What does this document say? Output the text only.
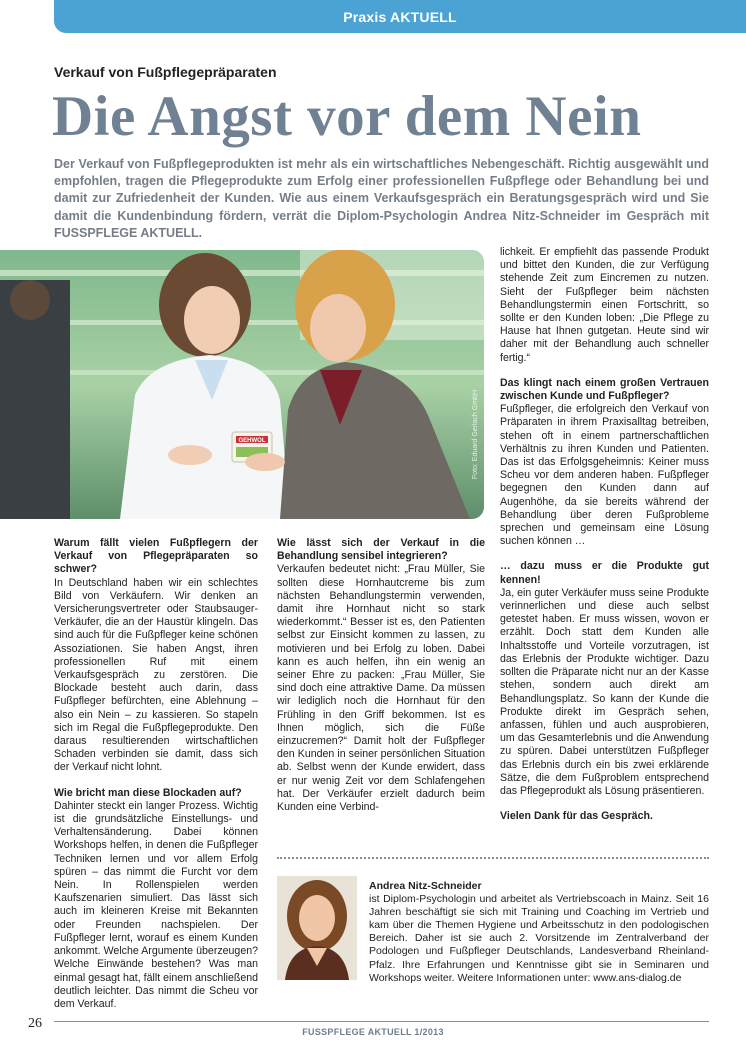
Praxis AKTUELL
Verkauf von Fußpflegepräparaten
Die Angst vor dem Nein

Der Verkauf von Fußpflegeprodukten ist mehr als ein wirtschaftliches Nebengeschäft. Richtig ausgewählt und empfohlen, tragen die Pflegeprodukte zum Erfolg einer professionellen Fußpflege oder Behandlung bei und damit zur Zufriedenheit der Kunden. Wie aus einem Verkaufsgespräch ein Beratungsgespräch wird und Sie damit die Kundenbindung fördern, verrät die Diplom-Psychologin Andrea Nitz-Schneider im Gespräch mit FUSSPFLEGE AKTUELL.

GEHWOL	Foto: Eduard Gerlach GmbH

Warum fällt vielen Fußpflegern der Verkauf von Pflegepräparaten so schwer?

In Deutschland haben wir ein schlechtes Bild von Verkäufern. Wir denken an Versicherungsvertreter oder Staubsauger-Verkäufer, die an der Haustür klingeln. Das sind auch für die Fußpfleger keine schönen Assoziationen. Sie haben Angst, ihren professionellen Ruf mit einem Verkaufsgespräch zu zerstören. Die Blockade besteht auch darin, dass Fußpfleger befürchten, eine Ablehnung – also ein Nein – zu kassieren. So stapeln sich im Regal die Fußpflegeprodukte. Den daraus resultierenden wirtschaftlichen Schaden verbinden sie damit, dass sich der Verkauf nicht lohnt.

Wie bricht man diese Blockaden auf?

Dahinter steckt ein langer Prozess. Wichtig ist die grundsätzliche Einstellungs- und Verhaltensänderung. Dabei können Workshops helfen, in denen die Fußpfleger Techniken lernen und vor allem Erfolg spüren – das nimmt die Furcht vor dem Nein. In Rollenspielen werden Kaufszenarien simuliert. Das lässt sich auch im kleineren Kreise mit Bekannten oder Freunden nachspielen. Der Fußpfleger lernt, worauf es einem Kunden ankommt. Welche Argumente überzeugen? Welche Einwände bestehen? Was man einmal gesagt hat, fällt einem anschließend deutlich leichter. Das nimmt die Scheu vor dem Verkauf.

Wie lässt sich der Verkauf in die Behandlung sensibel integrieren?

Verkaufen bedeutet nicht: „Frau Müller, Sie sollten diese Hornhautcreme bis zum nächsten Behandlungstermin verwenden, damit ihre Hornhaut nicht so stark wiederkommt.“ Besser ist es, den Patienten selbst zur Einsicht kommen zu lassen, zu motivieren und bei Erfolg zu loben. Dabei kann es auch helfen, ihn ein wenig an seiner Ehre zu packen: „Frau Müller, Sie sind doch eine attraktive Dame. Da müssen wir lediglich noch die Hornhaut für den Frühling in den Griff bekommen. Ist es Ihnen möglich, sich die Füße einzucremen?“ Damit holt der Fußpfleger den Kunden in seiner persönlichen Situation ab. Selbst wenn der Kunde erwidert, dass er nur wenig Zeit vor dem Schlafengehen hat. Der Verkäufer erzielt dadurch beim Kunden eine Verbind-

lichkeit. Er empfiehlt das passende Produkt und bittet den Kunden, die zur Verfügung stehende Zeit zum Eincremen zu nutzen. Sieht der Fußpfleger beim nächsten Behandlungstermin einen Fortschritt, so sollte er den Kunden loben: „Die Pflege zu Hause hat Ihnen gutgetan. Heute sind wir daher mit der Behandlung auch schneller fertig.“

Das klingt nach einem großen Vertrauen zwischen Kunde und Fußpfleger?

Fußpfleger, die erfolgreich den Verkauf von Präparaten in ihrem Praxisalltag betreiben, stehen oft in einem partnerschaftlichen Verhältnis zu ihren Kunden und Patienten. Das ist das Erfolgsgeheimnis: Keiner muss Scheu vor dem anderen haben. Fußpfleger begegnen den Kunden dann auf Augenhöhe, da sie bereits während der Behandlung über deren Fußprobleme sprechen und gemeinsam eine Lösung suchen können …

… dazu muss er die Produkte gut kennen!

Ja, ein guter Verkäufer muss seine Produkte verinnerlichen und diese auch selbst getestet haben. Er muss wissen, wovon er erzählt. Doch statt dem Kunden alle Inhaltsstoffe und Vorteile vorzutragen, ist das Erlebnis der Produkte wichtiger. Dazu sollten die Präparate nicht nur an der Kasse stehen, sondern auch direkt am Behandlungsplatz. So kann der Kunde die Produkte direkt im Gespräch sehen, anfassen, fühlen und auch ausprobieren, um das Gesamterlebnis und die Anwendung zu spüren. Dabei unterstützen Fußpfleger das Erlebnis durch ein bis zwei erklärende Sätze, die dem Fußproblem entsprechend das Pflegeprodukt als Lösung präsentieren.

Vielen Dank für das Gespräch.

Andrea Nitz-Schneider
ist Diplom-Psychologin und arbeitet als Vertriebscoach in Mainz. Seit 16 Jahren beschäftigt sie sich mit Training und Coaching im Vertrieb und kam über die Themen Hygiene und Arbeitsschutz in den podologischen Bereich. Daher ist sie auch 2. Vorsitzende im Zentralverband der Podologen und Fußpfleger Deutschlands, Landesverband Rheinland-Pfalz. Ihre Erfahrungen und Kenntnisse gibt sie in Seminaren und Workshops weiter. Weitere Informationen unter: www.ans-dialog.de
26
FUSSPFLEGE AKTUELL 1/2013
